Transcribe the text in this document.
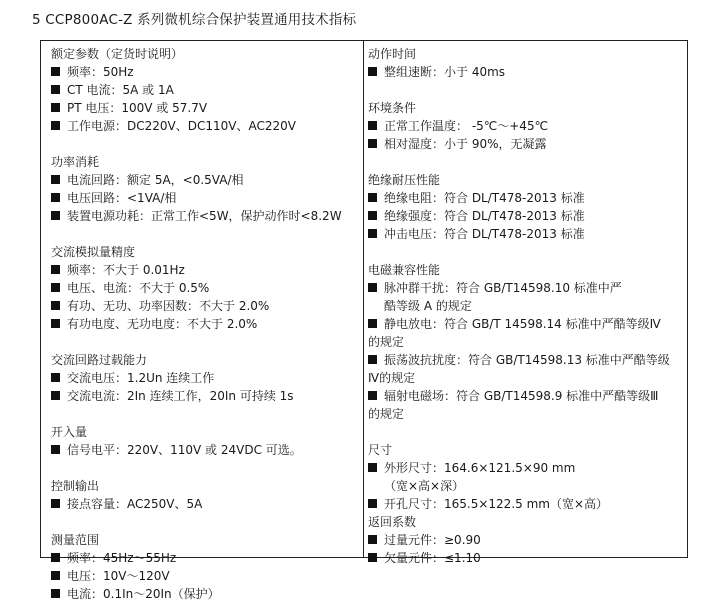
5 CCP800AC-Z 系列微机综合保护装置通用技术指标
额定参数（定货时说明）
频率：50Hz
CT 电流：5A 或 1A
PT 电压：100V 或 57.7V
工作电源：DC220V、DC110V、AC220V
功率消耗
电流回路：额定 5A，<0.5VA/相
电压回路：<1VA/相
装置电源功耗：正常工作<5W，保护动作时<8.2W
交流模拟量精度
频率：不大于 0.01Hz
电压、电流：不大于 0.5%
有功、无功、功率因数：不大于 2.0%
有功电度、无功电度：不大于 2.0%
交流回路过载能力
交流电压：1.2Un 连续工作
交流电流：2In 连续工作，20In 可持续 1s
开入量
信号电平：220V、110V 或 24VDC 可选。
控制输出
接点容量：AC250V、5A
测量范围
频率：45Hz～55Hz
电压：10V～120V
电流：0.1In～20In（保护）
动作时间
整组速断：小于 40ms
环境条件
正常工作温度： -5℃～+45℃
相对湿度：小于 90%，无凝露
绝缘耐压性能
绝缘电阻：符合 DL/T478-2013 标准
绝缘强度：符合 DL/T478-2013 标准
冲击电压：符合 DL/T478-2013 标准
电磁兼容性能
脉冲群干扰：符合 GB/T14598.10 标准中严
酷等级 A 的规定
静电放电：符合 GB/T 14598.14 标准中严酷等级Ⅳ
的规定
振荡波抗扰度：符合 GB/T14598.13 标准中严酷等级
Ⅳ的规定
辐射电磁场：符合 GB/T14598.9 标准中严酷等级Ⅲ
的规定
尺寸
外形尺寸：164.6×121.5×90 mm
（宽×高×深）
开孔尺寸：165.5×122.5 mm（宽×高）
返回系数
过量元件：≥0.90
欠量元件：≤1.10
